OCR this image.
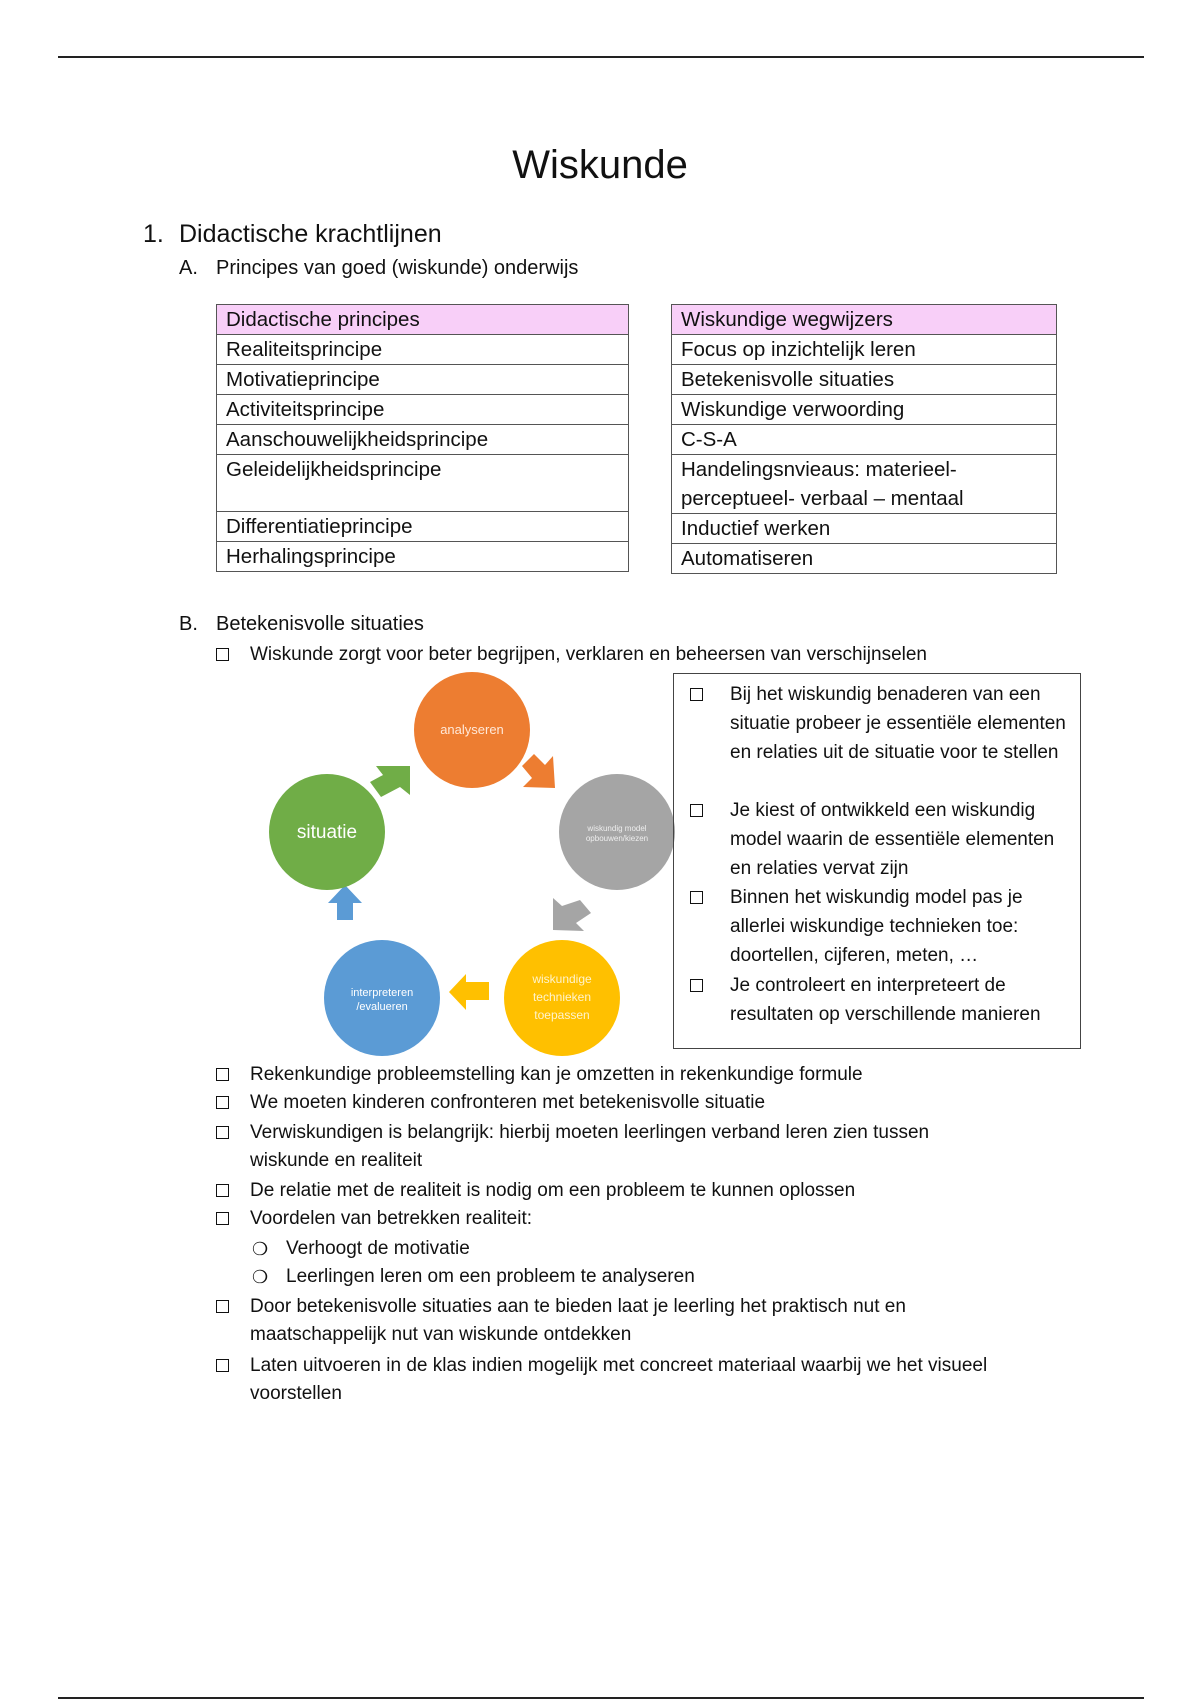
Wiskunde
1. Didactische krachtlijnen
A. Principes van goed (wiskunde) onderwijs
Didactische principes
Realiteitsprincipe
Motivatieprincipe
Activiteitsprincipe
Aanschouwelijkheidsprincipe
Geleidelijkheidsprincipe
Differentiatieprincipe
Herhalingsprincipe
Wiskundige wegwijzers
Focus op inzichtelijk leren
Betekenisvolle situaties
Wiskundige verwoording
C-S-A
Handelingsnvieaus: materieel-perceptueel- verbaal – mentaal
Inductief werken
Automatiseren
B. Betekenisvolle situaties
Wiskunde zorgt voor beter begrijpen, verklaren en beheersen van verschijnselen
analyseren
wiskundig model
opbouwen/kiezen
wiskundige
technieken
toepassen
interpreteren
/evalueren
situatie
Bij het wiskundig benaderen van een situatie probeer je essentiële elementen en relaties uit de situatie voor te stellen
Je kiest of ontwikkeld een wiskundig model waarin de essentiële elementen en relaties vervat zijn
Binnen het wiskundig model pas je allerlei wiskundige technieken toe: doortellen, cijferen, meten, …
Je controleert en interpreteert de resultaten op verschillende manieren
Rekenkundige probleemstelling kan je omzetten in rekenkundige formule
We moeten kinderen confronteren met betekenisvolle situatie
Verwiskundigen is belangrijk: hierbij moeten leerlingen verband leren zien tussen wiskunde en realiteit
De relatie met de realiteit is nodig om een probleem te kunnen oplossen
Voordelen van betrekken realiteit:
❍ Verhoogt de motivatie
❍ Leerlingen leren om een probleem te analyseren
Door betekenisvolle situaties aan te bieden laat je leerling het praktisch nut en maatschappelijk nut van wiskunde ontdekken
Laten uitvoeren in de klas indien mogelijk met concreet materiaal waarbij we het visueel voorstellen
